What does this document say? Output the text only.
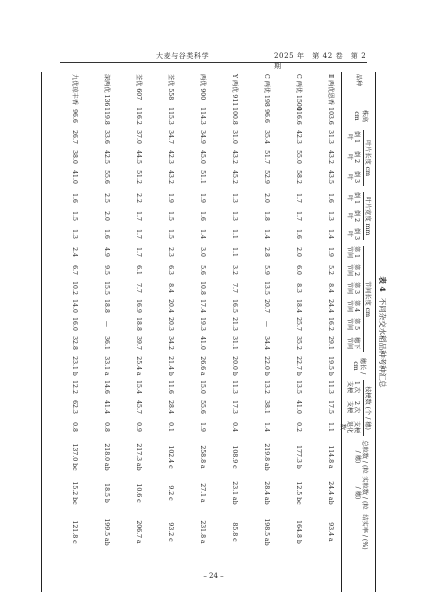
大麦与谷类科学	2025 年　第 42 卷　第 2 期
表 4不同杂交水稻品种考种汇总
品种
株高
cm
叶片长度 cm
叶片宽度 mm
节间长度 cm
穗长 / cm
枝梗数 (个 / 穗)
总粒数 / (粒 / 穗)
实粒数 / (粒 / 穗)
结实率 / (%)
倒 1 叶
倒 2 叶
倒 3 叶
倒 1 叶
倒 2 叶
倒 3 叶
第 1 节间
第 2 节间
第 3 节间
第 4 节间
第 5 节间
穗下节间
1 次 支梗
2 次 支梗
支梗 退化数
Ⅱ 两优恩香
103.6
31.3
43.2
43.5
1.6
1.3
1.4
1.9
5.2
8.4
24.4
16.2
29.1
19.5 b
11.3
17.5
1.1
114.8 a
24.4 ab
93.4 a
C 两优 1500
116.6
42.3
55.0
58.2
1.7
1.7
1.6
2.0
6.0
8.3
18.4
25.7
35.2
22.7 b
13.5
41.0
0.2
177.3 b
12.5 bc
164.8 b
C 两优 198
96.6
35.4
51.7
52.9
2.0
1.8
1.4
2.8
5.9
13.5
20.7
—
34.4
22.0 b
13.2
38.1
1.4
219.8 ab
28.4 ab
198.5 ab
Y 两优 911
100.8
31.0
43.2
45.2
1.3
1.3
1.1
1.1
3.2
7.7
16.5
21.3
31.1
20.0 b
11.3
17.3
0.4
108.9 c
23.1 ab
85.8 c
两优 900
114.3
34.9
45.0
51.1
1.9
1.6
1.4
3.0
5.6
10.8
17.4
19.3
41.0
26.6 a
15.0
55.6
1.9
258.8 a
27.1 a
231.8 a
荃优 558
115.3
34.7
42.3
43.2
1.9
1.5
1.5
2.3
6.3
8.4
20.4
20.3
34.2
21.4 b
11.6
28.4
0.1
102.4 c
9.2 c
93.2 c
荃优 607
116.2
37.0
44.5
51.2
2.2
1.7
1.7
1.7
6.1
7.7
16.9
18.8
39.7
25.4 a
15.4
45.7
0.9
217.3 ab
10.6 c
206.7 a
深两优 136
119.8
33.6
42.5
55.6
2.5
2.0
1.6
4.9
9.5
15.5
18.8
—
36.1
33.1 a
14.6
41.4
0.8
218.0 ab
18.5 b
199.5 ab
九优琼丰香
96.6
26.7
38.0
41.0
1.6
1.5
1.3
2.4
6.7
10.2
14.0
16.0
32.8
23.1 b
12.2
62.3
0.8
137.0 bc
15.2 bc
121.8 c
– 24 –
